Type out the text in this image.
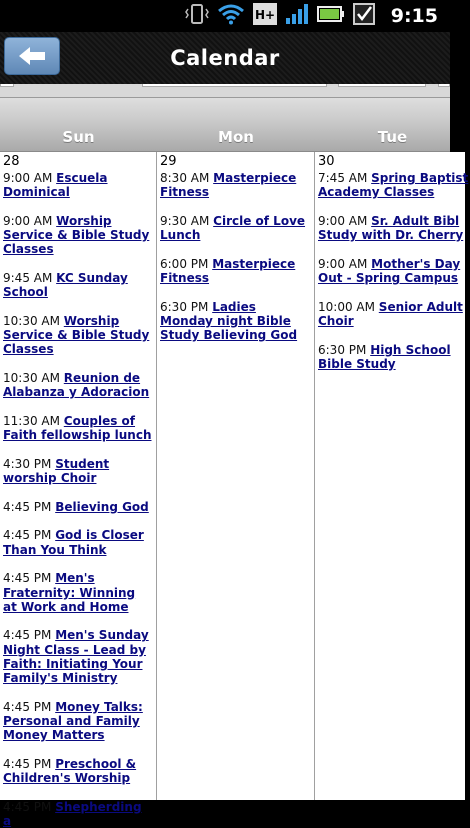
H+	9:15
Calendar
Sun	Mon	Tue
28
9:00 AM Escuela Dominical
9:00 AM Worship Service & Bible Study Classes
9:45 AM KC Sunday School
10:30 AM Worship Service & Bible Study Classes
10:30 AM Reunion de Alabanza y Adoracion
11:30 AM Couples of Faith fellowship lunch
4:30 PM Student worship Choir
4:45 PM Believing God
4:45 PM God is Closer Than You Think
4:45 PM Men's Fraternity: Winning at Work and Home
4:45 PM Men's Sunday Night Class - Lead by Faith: Initiating Your Family's Ministry
4:45 PM Money Talks: Personal and Family Money Matters
4:45 PM Preschool & Children's Worship
4:45 PM Shepherding a
29
8:30 AM Masterpiece Fitness
9:30 AM Circle of Love Lunch
6:00 PM Masterpiece Fitness
6:30 PM Ladies Monday night Bible Study Believing God
30
7:45 AM Spring Baptist
Academy Classes
9:00 AM Sr. Adult Bibl
Study with Dr. Cherry
9:00 AM Mother's Day
Out - Spring Campus
10:00 AM Senior Adult
Choir
6:30 PM High School
Bible Study
